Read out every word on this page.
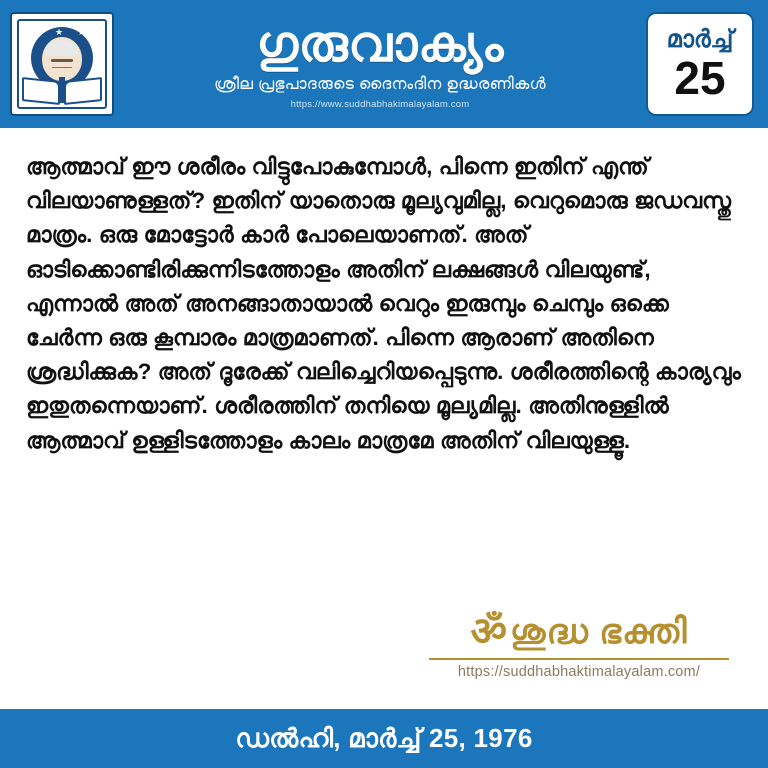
★ ★ ★	ഗുരുവാക്യം
ശ്രീല പ്രഭുപാദരുടെ ദൈനംദിന ഉദ്ധരണികൾ
https://www.suddhabhakimalayalam.com
മാർച്ച്
25
ആത്മാവ് ഈ ശരീരം വിട്ടുപോകുമ്പോൾ, പിന്നെ ഇതിന് എന്ത് വിലയാണുള്ളത്? ഇതിന് യാതൊരു മൂല്യവുമില്ല, വെറുമൊരു ജഡവസ്തു മാത്രം. ഒരു മോട്ടോർ കാർ പോലെയാണത്. അത് ഓടിക്കൊണ്ടിരിക്കുന്നിടത്തോളം അതിന് ലക്ഷങ്ങൾ വിലയുണ്ട്, എന്നാൽ അത് അനങ്ങാതായാൽ വെറും ഇരുമ്പും ചെമ്പും ഒക്കെ ചേർന്ന ഒരു കൂമ്പാരം മാത്രമാണത്. പിന്നെ ആരാണ് അതിനെ ശ്രദ്ധിക്കുക? അത് ദൂരേക്ക് വലിച്ചെറിയപ്പെടുന്നു. ശരീരത്തിന്റെ കാര്യവും ഇതുതന്നെയാണ്. ശരീരത്തിന് തനിയെ മൂല്യമില്ല. അതിനുള്ളിൽ ആത്മാവ് ഉള്ളിടത്തോളം കാലം മാത്രമേ അതിന് വിലയുള്ളൂ.
ॐശുദ്ധ ഭക്തി
https://suddhabhaktimalayalam.com/
ഡൽഹി, മാർച്ച് 25, 1976
